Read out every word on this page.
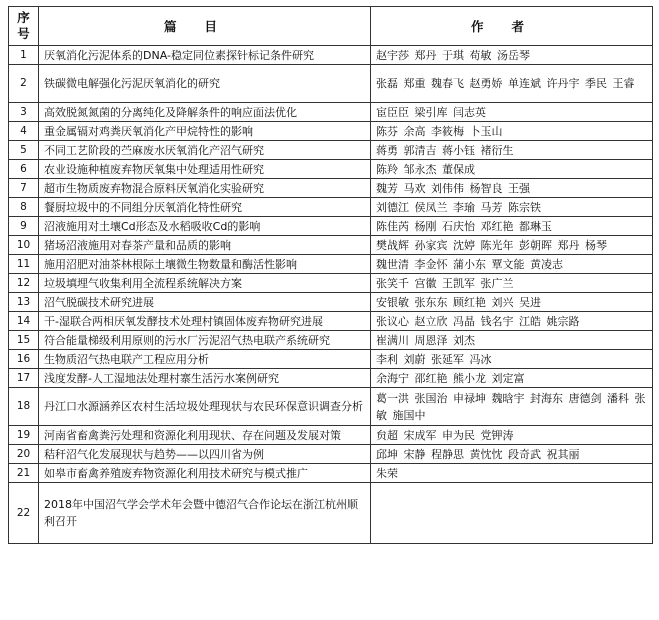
序
号	篇目	作者
1	厌氧消化污泥体系的DNA-稳定同位素探针标记条件研究	赵宇莎 郑丹 于琪 苟敏 汤岳琴
2	铁碳微电解强化污泥厌氧消化的研究	张磊 郑重 魏春飞 赵勇娇 单连斌 许丹宇 季民 王睿
3	高效脱氮氮菌的分离纯化及降解条件的响应面法优化	宦臣臣 梁引库 闫志英
4	重金属镉对鸡粪厌氧消化产甲烷特性的影响	陈芬 余高 李筱梅 卜玉山
5	不同工艺阶段的苎麻废水厌氧消化产沼气研究	蒋勇 郭清吉 蒋小钰 褚衍生
6	农业设施种植废弃物厌氧集中处理适用性研究	陈羚 邹永杰 董保成
7	超市生物质废弃物混合原料厌氧消化实验研究	魏芳 马欢 刘伟伟 杨智良 王强
8	餐厨垃圾中的不同组分厌氧消化特性研究	刘德江 侯凤兰 李瑜 马芳 陈宗铁
9	沼液施用对土壤Cd形态及水稻吸收Cd的影响	陈佳芮 杨刚 石庆怡 邓红艳 都琳玉
10	猪场沼液施用对春茶产量和品质的影响	樊战辉 孙家宾 沈婷 陈光年 彭朝晖 郑丹 杨琴
11	施用沼肥对油茶林根际土壤微生物数量和酶活性影响	魏世清 李金怀 蒲小东 覃文能 黄凌志
12	垃圾填埋气收集利用全流程系统解决方案	张笑千 宫徽 王凯军 张广兰
13	沼气脱碳技术研究进展	安银敏 张东东 顾红艳 刘兴 吴进
14	干-湿联合两相厌氧发酵技术处理村镇固体废弃物研究进展	张议心 赵立欣 冯晶 钱名宇 江皓 姚宗路
15	符合能量梯级利用原则的污水厂污泥沼气热电联产系统研究	崔满川 周恩泽 刘杰
16	生物质沼气热电联产工程应用分析	李利 刘蔚 张延军 冯冰
17	浅度发酵-人工湿地法处理村寨生活污水案例研究	余海宁 邵红艳 熊小龙 刘定富
18	丹江口水源涵养区农村生活垃圾处理现状与农民环保意识调查分析	葛一洪 张国治 申禄坤 魏晗宇 封海东 唐德剑 潘科 张敏 施国中
19	河南省畜禽粪污处理和资源化利用现状、存在问题及发展对策	贠超 宋成军 申为民 党钾涛
20	秸秆沼气化发展现状与趋势——以四川省为例	邱坤 宋静 程静思 黄忱忱 段奇武 祝其丽
21	如皋市畜禽养殖废弃物资源化利用技术研究与模式推广	朱荣
22	2018年中国沼气学会学术年会暨中德沼气合作论坛在浙江杭州顺利召开	
